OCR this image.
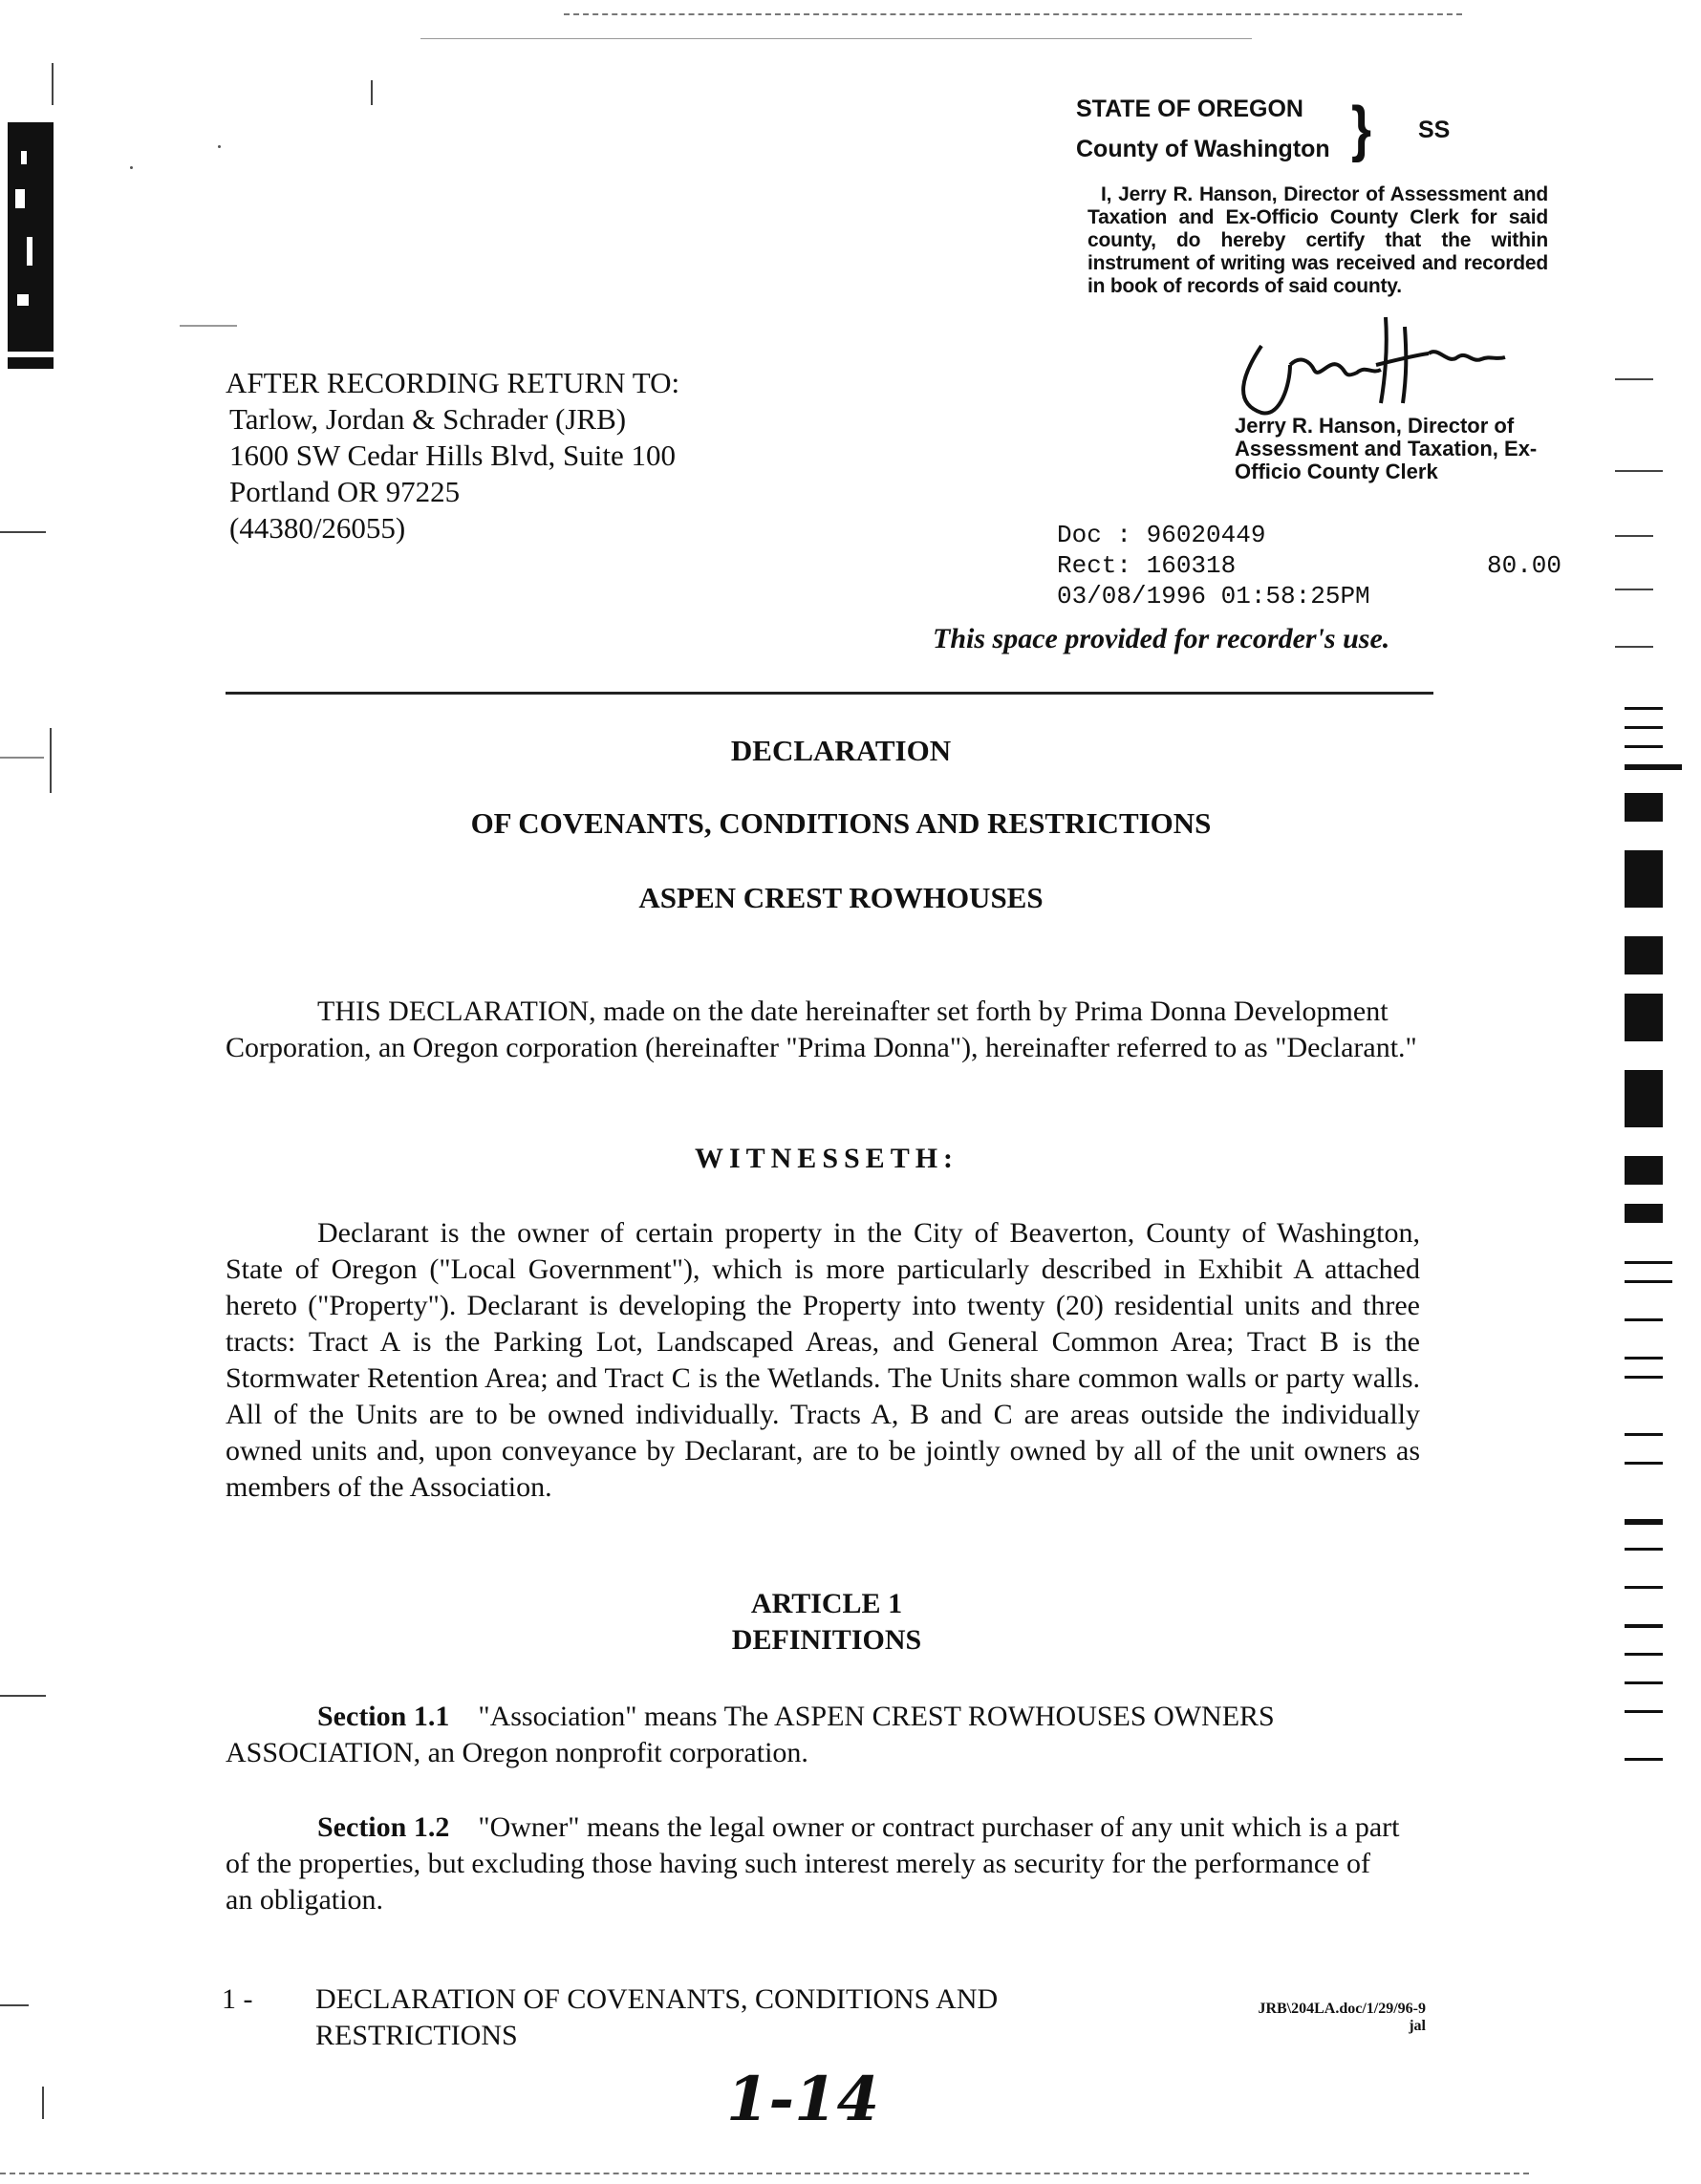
STATE OF OREGON
County of Washington } SS
I, Jerry R. Hanson, Director of Assessment and Taxation and Ex-Officio County Clerk for said county, do hereby certify that the within instrument of writing was received and recorded in book of records of said county.
Jerry R. Hanson, Director of
Assessment and Taxation, Ex-
Officio County Clerk
Doc : 96020449
Rect: 160318	80.00
03/08/1996 01:58:25PM
This space provided for recorder's use.
AFTER RECORDING RETURN TO:
Tarlow, Jordan & Schrader (JRB)
1600 SW Cedar Hills Blvd, Suite 100
Portland OR 97225
(44380/26055)
DECLARATION
OF COVENANTS, CONDITIONS AND RESTRICTIONS
ASPEN CREST ROWHOUSES
THIS DECLARATION, made on the date hereinafter set forth by Prima Donna Development Corporation, an Oregon corporation (hereinafter "Prima Donna"), hereinafter referred to as "Declarant."
WITNESSETH:
Declarant is the owner of certain property in the City of Beaverton, County of Washington, State of Oregon ("Local Government"), which is more particularly described in Exhibit A attached hereto ("Property"). Declarant is developing the Property into twenty (20) residential units and three tracts: Tract A is the Parking Lot, Landscaped Areas, and General Common Area; Tract B is the Stormwater Retention Area; and Tract C is the Wetlands. The Units share common walls or party walls. All of the Units are to be owned individually. Tracts A, B and C are areas outside the individually owned units and, upon conveyance by Declarant, are to be jointly owned by all of the unit owners as members of the Association.
ARTICLE 1
DEFINITIONS
Section 1.1 "Association" means The ASPEN CREST ROWHOUSES OWNERS ASSOCIATION, an Oregon nonprofit corporation.
Section 1.2 "Owner" means the legal owner or contract purchaser of any unit which is a part of the properties, but excluding those having such interest merely as security for the performance of an obligation.
1 - DECLARATION OF COVENANTS, CONDITIONS AND
RESTRICTIONS
JRB\204LA.doc/1/29/96-9
jal
1-14
